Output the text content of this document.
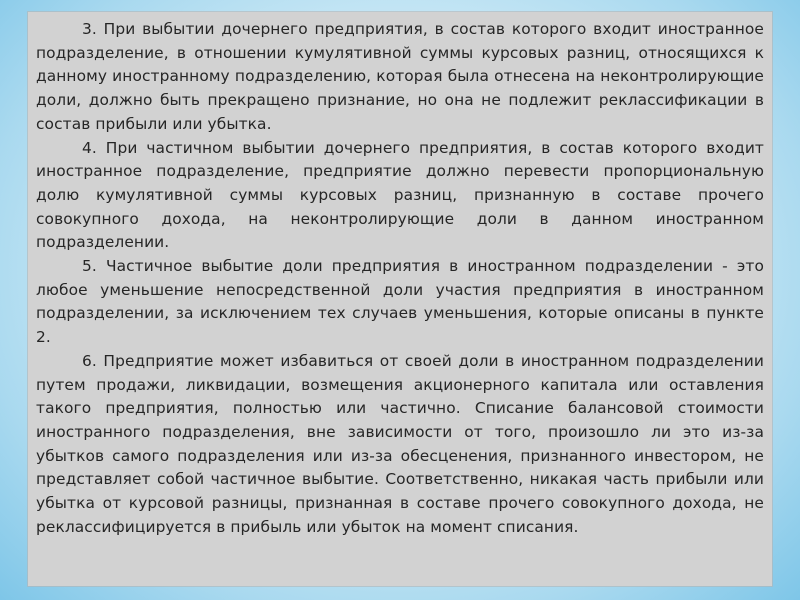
3. При выбытии дочернего предприятия, в состав которого входит иностранное подразделение, в отношении кумулятивной суммы курсовых разниц, относящихся к данному иностранному подразделению, которая была отнесена на неконтролирующие доли, должно быть прекращено признание, но она не подлежит реклассификации в состав прибыли или убытка.

4. При частичном выбытии дочернего предприятия, в состав которого входит иностранное подразделение, предприятие должно перевести пропорциональную долю кумулятивной суммы курсовых разниц, признанную в составе прочего совокупного дохода, на неконтролирующие доли в данном иностранном подразделении.

5. Частичное выбытие доли предприятия в иностранном подразделении - это любое уменьшение непосредственной доли участия предприятия в иностранном подразделении, за исключением тех случаев уменьшения, которые описаны в пункте 2.

6. Предприятие может избавиться от своей доли в иностранном подразделении путем продажи, ликвидации, возмещения акционерного капитала или оставления такого предприятия, полностью или частично. Списание балансовой стоимости иностранного подразделения, вне зависимости от того, произошло ли это из-за убытков самого подразделения или из-за обесценения, признанного инвестором, не представляет собой частичное выбытие. Соответственно, никакая часть прибыли или убытка от курсовой разницы, признанная в составе прочего совокупного дохода, не реклассифицируется в прибыль или убыток на момент списания.
